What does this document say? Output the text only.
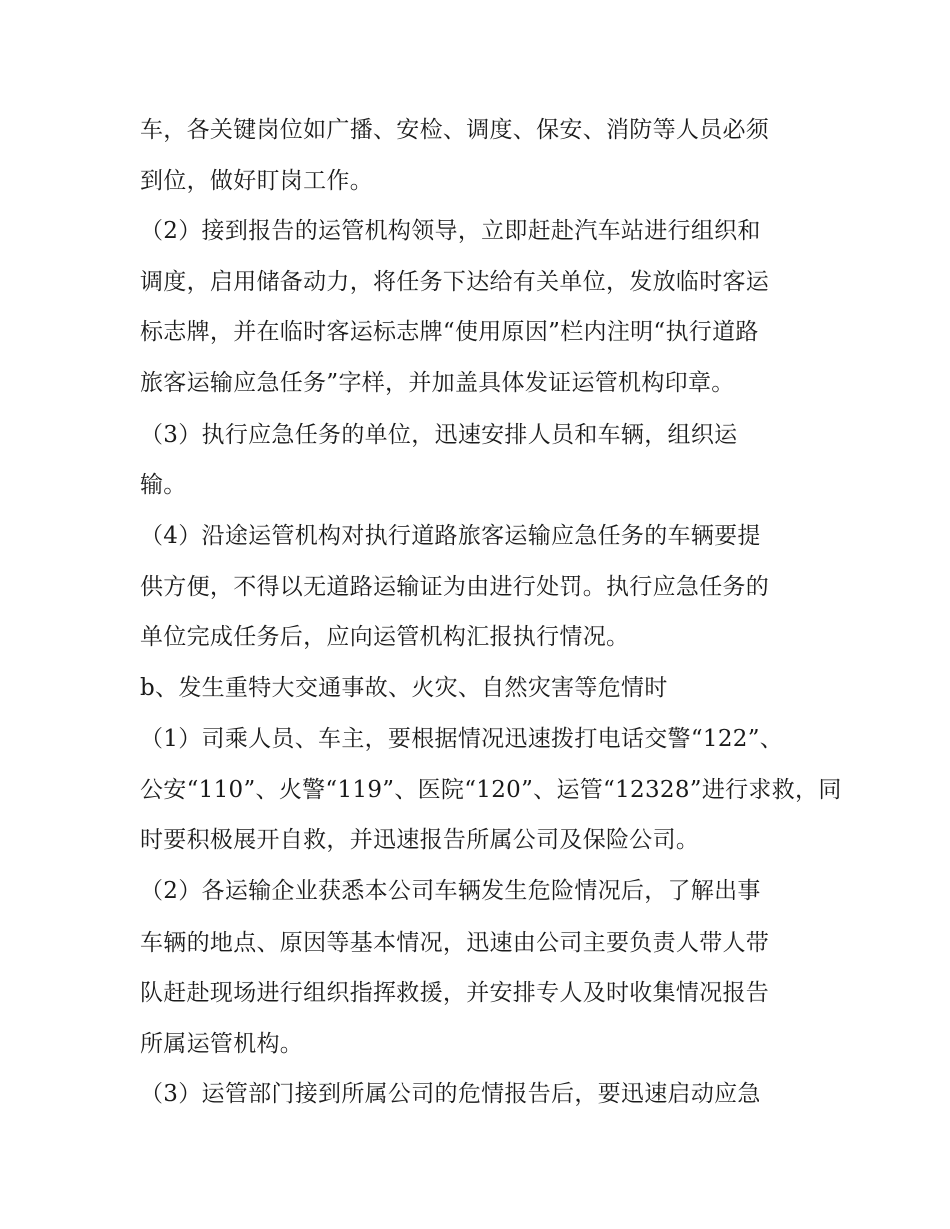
车，各关键岗位如广播、安检、调度、保安、消防等人员必须
到位，做好盯岗工作。
（2）接到报告的运管机构领导，立即赶赴汽车站进行组织和
调度，启用储备动力，将任务下达给有关单位，发放临时客运
标志牌，并在临时客运标志牌“使用原因”栏内注明“执行道路
旅客运输应急任务”字样，并加盖具体发证运管机构印章。
（3）执行应急任务的单位，迅速安排人员和车辆，组织运
输。
（4）沿途运管机构对执行道路旅客运输应急任务的车辆要提
供方便，不得以无道路运输证为由进行处罚。执行应急任务的
单位完成任务后，应向运管机构汇报执行情况。
b、发生重特大交通事故、火灾、自然灾害等危情时
（1）司乘人员、车主，要根据情况迅速拨打电话交警“122”、
公安“110”、火警“119”、医院“120”、运管“12328”进行求救，同
时要积极展开自救，并迅速报告所属公司及保险公司。
（2）各运输企业获悉本公司车辆发生危险情况后，了解出事
车辆的地点、原因等基本情况，迅速由公司主要负责人带人带
队赶赴现场进行组织指挥救援，并安排专人及时收集情况报告
所属运管机构。
（3）运管部门接到所属公司的危情报告后，要迅速启动应急
